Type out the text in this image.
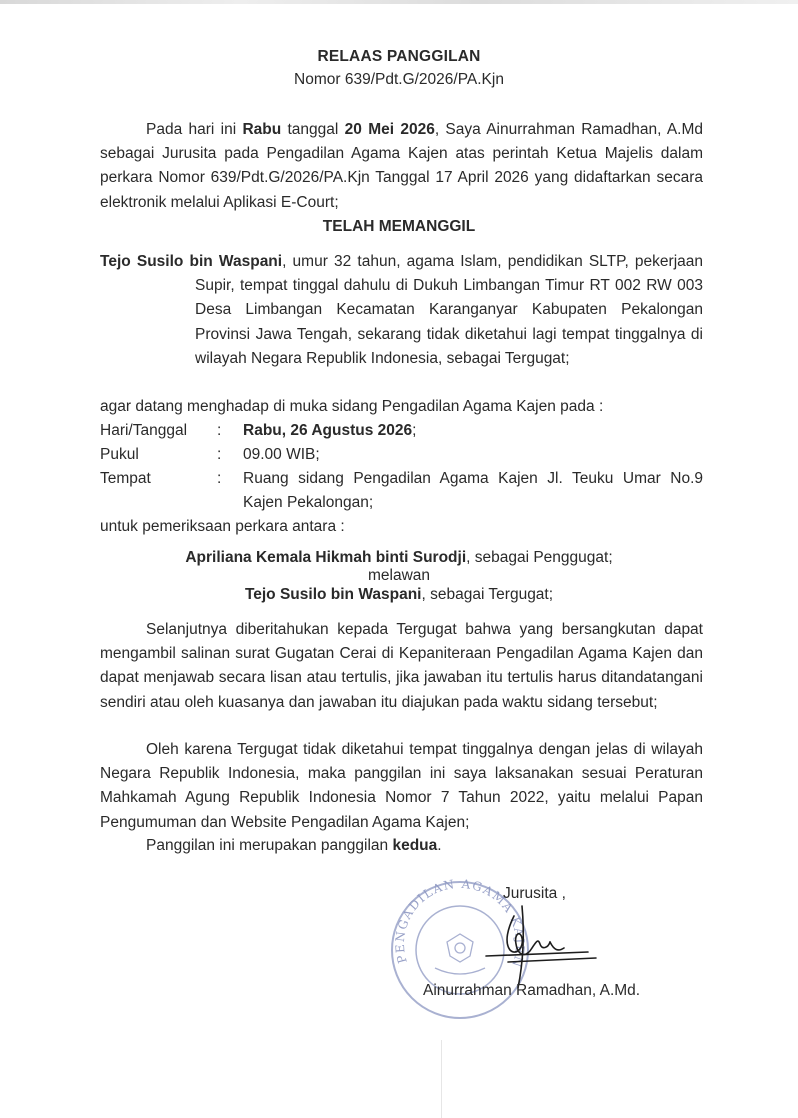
RELAAS PANGGILAN
Nomor 639/Pdt.G/2026/PA.Kjn

Pada hari ini Rabu tanggal 20 Mei 2026, Saya Ainurrahman Ramadhan, A.Md sebagai Jurusita pada Pengadilan Agama Kajen atas perintah Ketua Majelis dalam perkara Nomor 639/Pdt.G/2026/PA.Kjn Tanggal 17 April 2026 yang didaftarkan secara elektronik melalui Aplikasi E-Court;

TELAH MEMANGGIL

Tejo Susilo bin Waspani, umur 32 tahun, agama Islam, pendidikan SLTP, pekerjaan Supir, tempat tinggal dahulu di Dukuh Limbangan Timur RT 002 RW 003 Desa Limbangan Kecamatan Karanganyar Kabupaten Pekalongan Provinsi Jawa Tengah, sekarang tidak diketahui lagi tempat tinggalnya di wilayah Negara Republik Indonesia, sebagai Tergugat;

agar datang menghadap di muka sidang Pengadilan Agama Kajen pada :

Hari/Tanggal : Rabu, 26 Agustus 2026;
Pukul	: 09.00 WIB;
Tempat	: Ruang sidang Pengadilan Agama Kajen Jl. Teuku Umar No.9 Kajen Pekalongan;

untuk pemeriksaan perkara antara :

Apriliana Kemala Hikmah binti Surodji, sebagai Penggugat;
melawan
Tejo Susilo bin Waspani, sebagai Tergugat;

Selanjutnya diberitahukan kepada Tergugat bahwa yang bersangkutan dapat mengambil salinan surat Gugatan Cerai di Kepaniteraan Pengadilan Agama Kajen dan dapat menjawab secara lisan atau tertulis, jika jawaban itu tertulis harus ditandatangani sendiri atau oleh kuasanya dan jawaban itu diajukan pada waktu sidang tersebut;

Oleh karena Tergugat tidak diketahui tempat tinggalnya dengan jelas di wilayah Negara Republik Indonesia, maka panggilan ini saya laksanakan sesuai Peraturan Mahkamah Agung Republik Indonesia Nomor 7 Tahun 2022, yaitu melalui Papan Pengumuman dan Website Pengadilan Agama Kajen;

Panggilan ini merupakan panggilan kedua.

PENGADILAN AGAMA KAJEN
Jurusita ,
Ainurrahman Ramadhan, A.Md.
